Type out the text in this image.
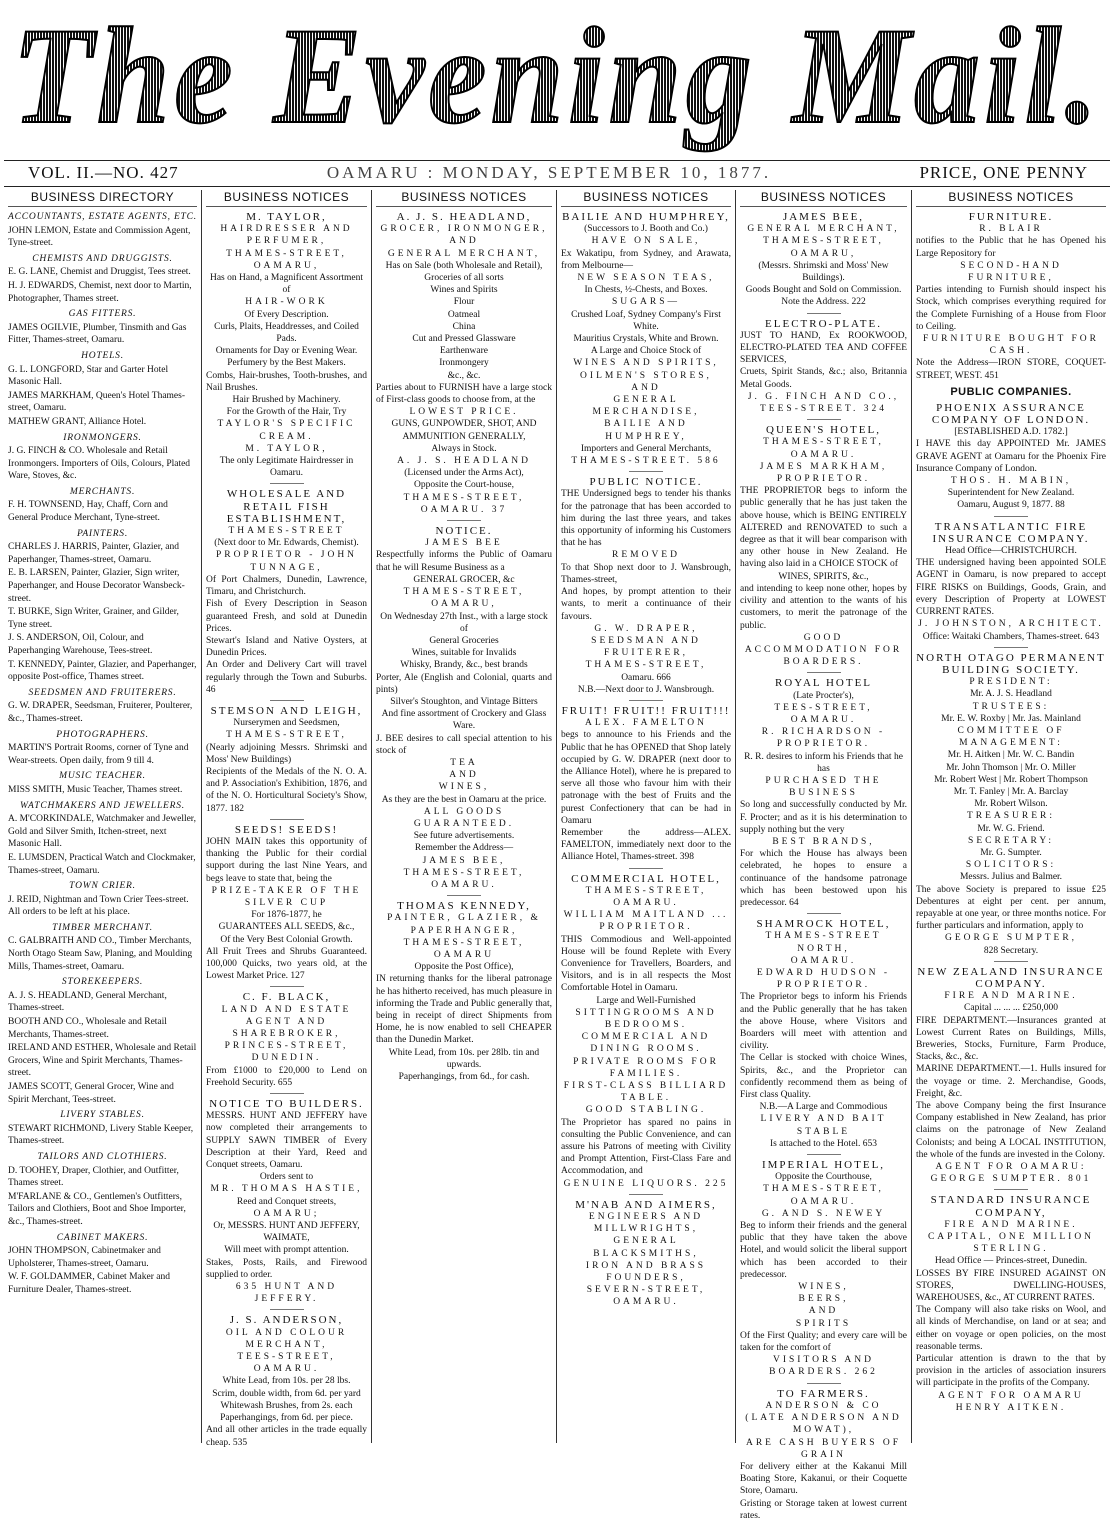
The Evening Mail.
VOL. II.—NO. 427	OAMARU : MONDAY, SEPTEMBER 10, 1877.	PRICE, ONE PENNY
BUSINESS DIRECTORY
ACCOUNTANTS, ESTATE AGENTS, ETC.
JOHN LEMON, Estate and Commission Agent, Tyne-street.
CHEMISTS AND DRUGGISTS.
E. G. LANE, Chemist and Druggist, Tees street.
H. J. EDWARDS, Chemist, next door to Martin, Photographer, Thames street.
GAS FITTERS.
JAMES OGILVIE, Plumber, Tinsmith and Gas Fitter, Thames-street, Oamaru.
HOTELS.
G. L. LONGFORD, Star and Garter Hotel Masonic Hall.
JAMES MARKHAM, Queen's Hotel Thames-street, Oamaru.
MATHEW GRANT, Alliance Hotel.
IRONMONGERS.
J. G. FINCH & CO. Wholesale and Retail Ironmongers. Importers of Oils, Colours, Plated Ware, Stoves, &c.
MERCHANTS.
F. H. TOWNSEND, Hay, Chaff, Corn and General Produce Merchant, Tyne-street.
PAINTERS.
CHARLES J. HARRIS, Painter, Glazier, and Paperhanger, Thames-street, Oamaru.
E. B. LARSEN, Painter, Glazier, Sign writer, Paperhanger, and House Decorator Wansbeck-street.
T. BURKE, Sign Writer, Grainer, and Gilder, Tyne street.
J. S. ANDERSON, Oil, Colour, and Paperhanging Warehouse, Tees-street.
T. KENNEDY, Painter, Glazier, and Paperhanger, opposite Post-office, Thames street.
SEEDSMEN AND FRUITERERS.
G. W. DRAPER, Seedsman, Fruiterer, Poulterer, &c., Thames-street.
PHOTOGRAPHERS.
MARTIN'S Portrait Rooms, corner of Tyne and Wear-streets. Open daily, from 9 till 4.
MUSIC TEACHER.
MISS SMITH, Music Teacher, Thames street.
WATCHMAKERS AND JEWELLERS.
A. M'CORKINDALE, Watchmaker and Jeweller, Gold and Silver Smith, Itchen-street, next Masonic Hall.
E. LUMSDEN, Practical Watch and Clockmaker, Thames-street, Oamaru.
TOWN CRIER.
J. REID, Nightman and Town Crier Tees-street. All orders to be left at his place.
TIMBER MERCHANT.
C. GALBRAITH AND CO., Timber Merchants, North Otago Steam Saw, Planing, and Moulding Mills, Thames-street, Oamaru.
STOREKEEPERS.
A. J. S. HEADLAND, General Merchant, Thames-street.
BOOTH AND CO., Wholesale and Retail Merchants, Thames-street.
IRELAND AND ESTHER, Wholesale and Retail Grocers, Wine and Spirit Merchants, Thames-street.
JAMES SCOTT, General Grocer, Wine and Spirit Merchant, Tees-street.
LIVERY STABLES.
STEWART RICHMOND, Livery Stable Keeper, Thames-street.
TAILORS AND CLOTHIERS.
D. TOOHEY, Draper, Clothier, and Outfitter, Thames street.
M'FARLANE & CO., Gentlemen's Outfitters, Tailors and Clothiers, Boot and Shoe Importer, &c., Thames-street.
CABINET MAKERS.
JOHN THOMPSON, Cabinetmaker and Upholsterer, Thames-street, Oamaru.
W. F. GOLDAMMER, Cabinet Maker and Furniture Dealer, Thames-street.
BUSINESS NOTICES
M. TAYLOR,
HAIRDRESSER AND PERFUMER,
THAMES-STREET,
OAMARU,
Has on Hand, a Magnificent Assortment of
HAIR-WORK
Of Every Description.
Curls, Plaits, Headdresses, and Coiled Pads.
Ornaments for Day or Evening Wear.
Perfumery by the Best Makers.
Combs, Hair-brushes, Tooth-brushes, and Nail Brushes.
Hair Brushed by Machinery.
For the Growth of the Hair, Try
TAYLOR'S SPECIFIC CREAM.
M. TAYLOR,
The only Legitimate Hairdresser in Oamaru.
WHOLESALE AND RETAIL FISH ESTABLISHMENT,
THAMES-STREET
(Next door to Mr. Edwards, Chemist).
PROPRIETOR - JOHN TUNNAGE,
Of Port Chalmers, Dunedin, Lawrence, Timaru, and Christchurch.
Fish of Every Description in Season guaranteed Fresh, and sold at Dunedin Prices.
Stewart's Island and Native Oysters, at Dunedin Prices.
An Order and Delivery Cart will travel regularly through the Town and Suburbs. 46
STEMSON AND LEIGH,
Nurserymen and Seedsmen,
THAMES-STREET,
(Nearly adjoining Messrs. Shrimski and Moss' New Buildings)
Recipients of the Medals of the N. O. A. and P. Association's Exhibition, 1876, and of the N. O. Horticultural Society's Show, 1877. 182
SEEDS! SEEDS!
JOHN MAIN takes this opportunity of thanking the Public for their cordial support during the last Nine Years, and begs leave to state that, being the
PRIZE-TAKER OF THE SILVER CUP
For 1876-1877, he
GUARANTEES ALL SEEDS, &c.,
Of the Very Best Colonial Growth.
All Fruit Trees and Shrubs Guaranteed. 100,000 Quicks, two years old, at the Lowest Market Price. 127
C. F. BLACK,
LAND AND ESTATE AGENT AND SHAREBROKER,
PRINCES-STREET,
DUNEDIN.
From £1000 to £20,000 to Lend on Freehold Security. 655
NOTICE TO BUILDERS.
MESSRS. HUNT AND JEFFERY have now completed their arrangements to SUPPLY SAWN TIMBER of Every Description at their Yard, Reed and Conquet streets, Oamaru.
Orders sent to
MR. THOMAS HASTIE,
Reed and Conquet streets,
OAMARU;
Or, MESSRS. HUNT AND JEFFERY, WAIMATE,
Will meet with prompt attention.
Stakes, Posts, Rails, and Firewood supplied to order.
635 HUNT AND JEFFERY.
J. S. ANDERSON,
OIL AND COLOUR MERCHANT,
TEES-STREET, OAMARU.
White Lead, from 10s. per 28 lbs.
Scrim, double width, from 6d. per yard
Whitewash Brushes, from 2s. each
Paperhangings, from 6d. per piece.
And all other articles in the trade equally cheap. 535
BUSINESS NOTICES
A. J. S. HEADLAND,
GROCER, IRONMONGER, AND
GENERAL MERCHANT,
Has on Sale (both Wholesale and Retail),
Groceries of all sorts
Wines and Spirits
Flour
Oatmeal
China
Cut and Pressed Glassware
Earthenware
Ironmongery
&c., &c.
Parties about to FURNISH have a large stock of First-class goods to choose from, at the
LOWEST PRICE.
GUNS, GUNPOWDER, SHOT, AND AMMUNITION GENERALLY,
Always in Stock.
A. J. S. HEADLAND
(Licensed under the Arms Act),
Opposite the Court-house,
THAMES-STREET,
OAMARU. 37
NOTICE.
JAMES BEE
Respectfully informs the Public of Oamaru that he will Resume Business as a
GENERAL GROCER, &c
THAMES-STREET, OAMARU,
On Wednesday 27th Inst., with a large stock of
General Groceries
Wines, suitable for Invalids
Whisky, Brandy, &c., best brands
Porter, Ale (English and Colonial, quarts and pints)
Silver's Stoughton, and Vintage Bitters
And fine assortment of Crockery and Glass Ware.
J. BEE desires to call special attention to his stock of
TEA
AND
WINES,
As they are the best in Oamaru at the price.
ALL GOODS GUARANTEED.
See future advertisements.
Remember the Address—
JAMES BEE,
THAMES-STREET,
OAMARU.
THOMAS KENNEDY,
PAINTER, GLAZIER, & PAPERHANGER,
THAMES-STREET, OAMARU
Opposite the Post Office),
IN returning thanks for the liberal patronage he has hitherto received, has much pleasure in informing the Trade and Public generally that, being in receipt of direct Shipments from Home, he is now enabled to sell CHEAPER than the Dunedin Market.
White Lead, from 10s. per 28lb. tin and upwards.
Paperhangings, from 6d., for cash.
BUSINESS NOTICES
BAILIE AND HUMPHREY,
(Successors to J. Booth and Co.)
HAVE ON SALE,
Ex Wakatipu, from Sydney, and Arawata, from Melbourne—
NEW SEASON TEAS,
In Chests, ½-Chests, and Boxes.
SUGARS—
Crushed Loaf, Sydney Company's First White.
Mauritius Crystals, White and Brown.
A Large and Choice Stock of
WINES AND SPIRITS,
OILMEN'S STORES,
AND
GENERAL MERCHANDISE,
BAILIE AND HUMPHREY,
Importers and General Merchants,
THAMES-STREET. 586
PUBLIC NOTICE.
THE Undersigned begs to tender his thanks for the patronage that has been accorded to him during the last three years, and takes this opportunity of informing his Customers that he has
REMOVED
To that Shop next door to J. Wansbrough, Thames-street,
And hopes, by prompt attention to their wants, to merit a continuance of their favours.
G. W. DRAPER,
SEEDSMAN AND FRUITERER,
THAMES-STREET,
Oamaru. 666
N.B.—Next door to J. Wansbrough.
FRUIT! FRUIT!! FRUIT!!!
ALEX. FAMELTON
begs to announce to his Friends and the Public that he has OPENED that Shop lately occupied by G. W. DRAPER (next door to the Alliance Hotel), where he is prepared to serve all those who favour him with their patronage with the best of Fruits and the purest Confectionery that can be had in Oamaru
Remember the address—ALEX. FAMELTON, immediately next door to the Alliance Hotel, Thames-street. 398
COMMERCIAL HOTEL,
THAMES-STREET, OAMARU.
WILLIAM MAITLAND ... PROPRIETOR.
THIS Commodious and Well-appointed House will be found Replete with Every Convenience for Travellers, Boarders, and Visitors, and is in all respects the Most Comfortable Hotel in Oamaru.
Large and Well-Furnished
SITTINGROOMS AND BEDROOMS.
COMMERCIAL AND DINING ROOMS.
PRIVATE ROOMS FOR FAMILIES.
FIRST-CLASS BILLIARD TABLE.
GOOD STABLING.
The Proprietor has spared no pains in consulting the Public Convenience, and can assure his Patrons of meeting with Civility and Prompt Attention, First-Class Fare and Accommodation, and
GENUINE LIQUORS. 225
M'NAB AND AIMERS,
ENGINEERS AND MILLWRIGHTS,
GENERAL BLACKSMITHS,
IRON AND BRASS FOUNDERS,
SEVERN-STREET,
OAMARU.
BUSINESS NOTICES
JAMES BEE,
GENERAL MERCHANT,
THAMES-STREET,
OAMARU,
(Messrs. Shrimski and Moss' New Buildings).
Goods Bought and Sold on Commission.
Note the Address. 222
ELECTRO-PLATE.
JUST TO HAND, Ex ROOKWOOD, ELECTRO-PLATED TEA AND COFFEE SERVICES,
Cruets, Spirit Stands, &c.; also, Britannia Metal Goods.
J. G. FINCH AND CO.,
TEES-STREET. 324
QUEEN'S HOTEL,
THAMES-STREET,
OAMARU.
JAMES MARKHAM,
PROPRIETOR.
THE PROPRIETOR begs to inform the public generally that he has just taken the above house, which is BEING ENTIRELY ALTERED and RENOVATED to such a degree as that it will bear comparison with any other house in New Zealand. He having also laid in a CHOICE STOCK of
WINES, SPIRITS, &c.,
and intending to keep none other, hopes by civility and attention to the wants of his customers, to merit the patronage of the public.
GOOD ACCOMMODATION FOR BOARDERS.
ROYAL HOTEL
(Late Procter's),
TEES-STREET,
OAMARU.
R. RICHARDSON - PROPRIETOR.
R. R. desires to inform his Friends that he has
PURCHASED THE BUSINESS
So long and successfully conducted by Mr. F. Procter; and as it is his determination to supply nothing but the very
BEST BRANDS,
For which the House has always been celebrated, he hopes to ensure a continuance of the handsome patronage which has been bestowed upon his predecessor. 64
SHAMROCK HOTEL,
THAMES-STREET NORTH,
OAMARU.
EDWARD HUDSON - PROPRIETOR.
The Proprietor begs to inform his Friends and the Public generally that he has taken the above House, where Visitors and Boarders will meet with attention and civility.
The Cellar is stocked with choice Wines, Spirits, &c., and the Proprietor can confidently recommend them as being of First class Quality.
N.B.—A Large and Commodious
LIVERY AND BAIT STABLE
Is attached to the Hotel. 653
IMPERIAL HOTEL,
Opposite the Courthouse,
THAMES-STREET,
OAMARU.
G. AND S. NEWEY
Beg to inform their friends and the general public that they have taken the above Hotel, and would solicit the liberal support which has been accorded to their predecessor.
WINES,
BEERS,
AND
SPIRITS
Of the First Quality; and every care will be taken for the comfort of
VISITORS AND BOARDERS. 262
TO FARMERS.
ANDERSON & CO
(LATE ANDERSON AND MOWAT),
ARE CASH BUYERS OF GRAIN
For delivery either at the Kakanui Mill Boating Store, Kakanui, or their Coquette Store, Oamaru.
Gristing or Storage taken at lowest current rates.
BUSINESS NOTICES
FURNITURE.
R. BLAIR
notifies to the Public that he has Opened his Large Repository for
SECOND-HAND FURNITURE,
Parties intending to Furnish should inspect his Stock, which comprises everything required for the Complete Furnishing of a House from Floor to Ceiling.
FURNITURE BOUGHT FOR CASH.
Note the Address—IRON STORE, COQUET-STREET, WEST. 451
PUBLIC COMPANIES.
PHOENIX ASSURANCE COMPANY OF LONDON.
[ESTABLISHED A.D. 1782.]
I HAVE this day APPOINTED Mr. JAMES GRAVE AGENT at Oamaru for the Phoenix Fire Insurance Company of London.
THOS. H. MABIN,
Superintendent for New Zealand.
Oamaru, August 9, 1877. 88
TRANSATLANTIC FIRE INSURANCE COMPANY.
Head Office—CHRISTCHURCH.
THE undersigned having been appointed SOLE AGENT in Oamaru, is now prepared to accept FIRE RISKS on Buildings, Goods, Grain, and every Description of Property at LOWEST CURRENT RATES.
J. JOHNSTON, ARCHITECT.
Office: Waitaki Chambers, Thames-street. 643
NORTH OTAGO PERMANENT BUILDING SOCIETY.
PRESIDENT:
Mr. A. J. S. Headland
TRUSTEES:
Mr. E. W. Roxby | Mr. Jas. Mainland
COMMITTEE OF MANAGEMENT:
Mr. H. Aitken | Mr. W. C. Bandin
Mr. John Thomson | Mr. O. Miller
Mr. Robert West | Mr. Robert Thompson
Mr. T. Fanley | Mr. A. Barclay
Mr. Robert Wilson.
TREASURER:
Mr. W. G. Friend.
SECRETARY:
Mr. G. Sumpter.
SOLICITORS:
Messrs. Julius and Balmer.
The above Society is prepared to issue £25 Debentures at eight per cent. per annum, repayable at one year, or three months notice. For further particulars and information, apply to
GEORGE SUMPTER,
828 Secretary.
NEW ZEALAND INSURANCE COMPANY.
FIRE AND MARINE.
Capital ... ... ... £250,000
FIRE DEPARTMENT.—Insurances granted at Lowest Current Rates on Buildings, Mills, Breweries, Stocks, Furniture, Farm Produce, Stacks, &c., &c.
MARINE DEPARTMENT.—1. Hulls insured for the voyage or time. 2. Merchandise, Goods, Freight, &c.
The above Company being the first Insurance Company established in New Zealand, has prior claims on the patronage of New Zealand Colonists; and being A LOCAL INSTITUTION, the whole of the funds are invested in the Colony.
AGENT FOR OAMARU:
GEORGE SUMPTER. 801
STANDARD INSURANCE COMPANY,
FIRE AND MARINE.
CAPITAL, ONE MILLION STERLING.
Head Office — Princes-street, Dunedin.
LOSSES BY FIRE INSURED AGAINST ON STORES, DWELLING-HOUSES, WAREHOUSES, &c., AT CURRENT RATES.
The Company will also take risks on Wool, and all kinds of Merchandise, on land or at sea; and either on voyage or open policies, on the most reasonable terms.
Particular attention is drawn to the that by provision in the articles of association insurers will participate in the profits of the Company.
AGENT FOR OAMARU
HENRY AITKEN.
